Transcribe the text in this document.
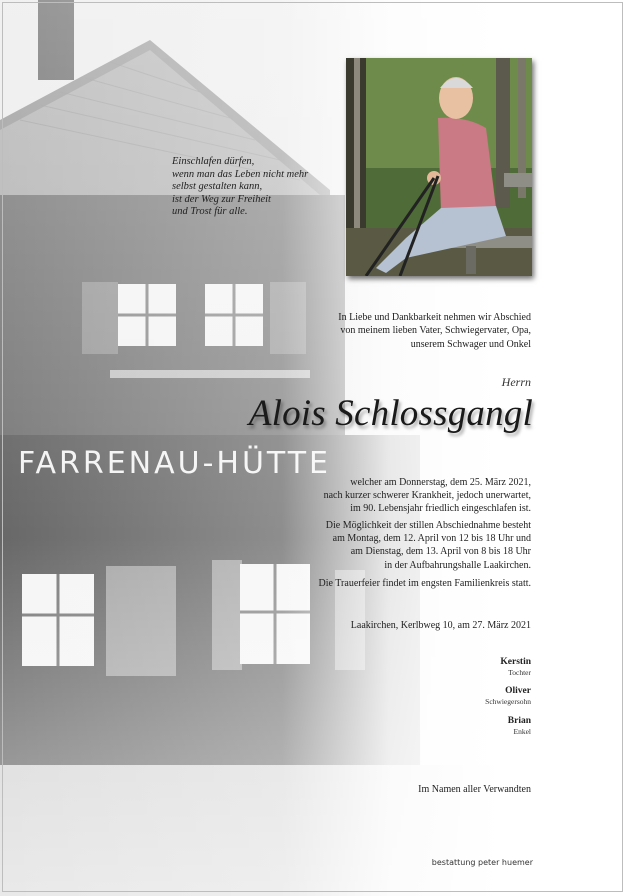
Einschlafen dürfen,
wenn man das Leben nicht mehr
selbst gestalten kann,
ist der Weg zur Freiheit
und Trost für alle.
In Liebe und Dankbarkeit nehmen wir Abschied
von meinem lieben Vater, Schwiegervater, Opa,
unserem Schwager und Onkel
Herrn
Alois Schlossgangl
welcher am Donnerstag, dem 25. März 2021,
nach kurzer schwerer Krankheit, jedoch unerwartet,
im 90. Lebensjahr friedlich eingeschlafen ist.
Die Möglichkeit der stillen Abschiednahme besteht
am Montag, dem 12. April von 12 bis 18 Uhr und
am Dienstag, dem 13. April von 8 bis 18 Uhr
in der Aufbahrungshalle Laakirchen.
Die Trauerfeier findet im engsten Familienkreis statt.
Laakirchen, Kerlbweg 10, am 27. März 2021
Kerstin
Tochter
Oliver
Schwiegersohn
Brian
Enkel
Im Namen aller Verwandten
bestattung peter huemer
